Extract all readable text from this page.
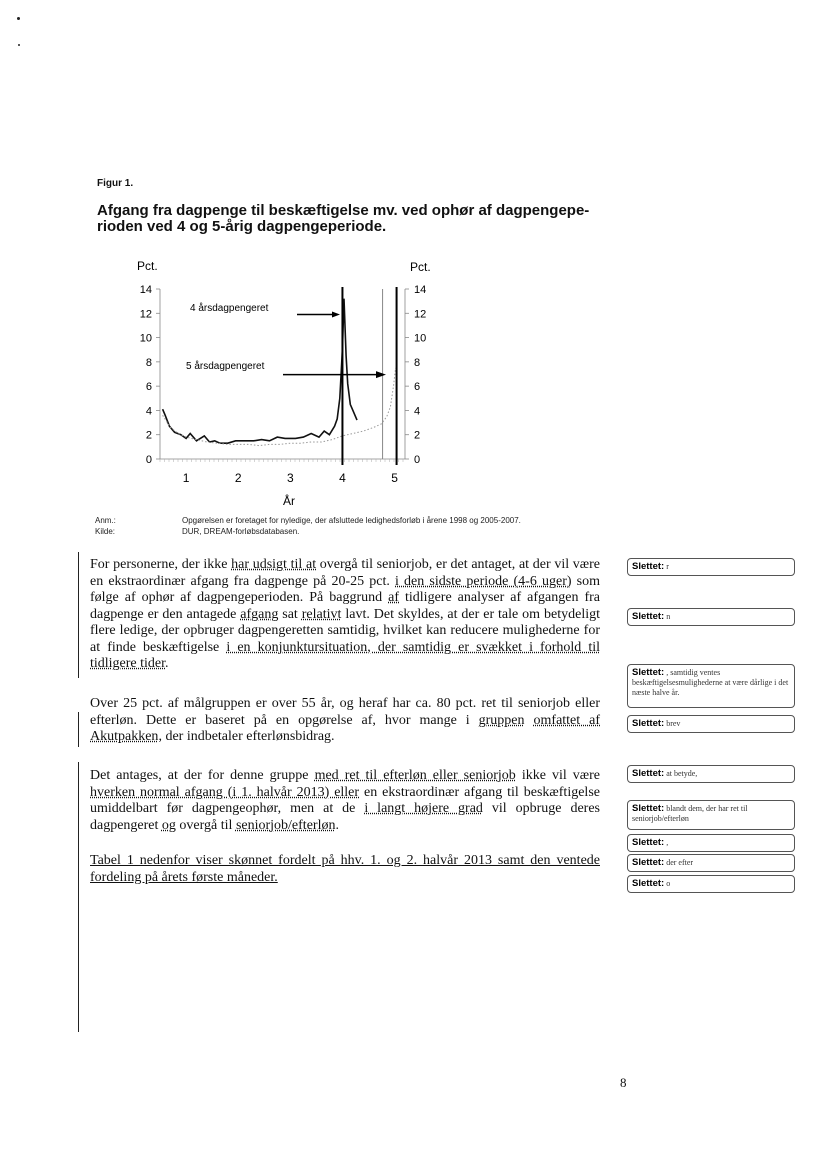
Figur 1.
Afgang fra dagpenge til beskæftigelse mv. ved ophør af dagpengepe-rioden ved 4 og 5-årig dagpengeperiode.
Pct.	Pct.
År
4 årsdagpengeret
5 årsdagpengeret
0	0
2	2
4	4
6	6
8	8
10	10
12	12
14	14
1	2	3	4	5
Anm.:	Opgørelsen er foretaget for nyledige, der afsluttede ledighedsforløb i årene 1998 og 2005-2007.
Kilde:	DUR, DREAM-forløbsdatabasen.

For personerne, der ikke har udsigt til at overgå til seniorjob, er det antaget, at der vil være en ekstraordinær afgang fra dagpenge på 20-25 pct. i den sidste periode (4-6 uger) som følge af ophør af dagpengeperioden. På baggrund af tidligere analyser af afgangen fra dagpenge er den antagede afgang sat relativt lavt. Det skyldes, at der er tale om betydeligt flere ledige, der opbruger dagpengeretten samtidig, hvilket kan reducere mulighederne for at finde beskæftigelse i en konjunktursituation, der samtidig er svækket i forhold til tidligere tider.

Over 25 pct. af målgruppen er over 55 år, og heraf har ca. 80 pct. ret til seniorjob eller efterløn. Dette er baseret på en opgørelse af, hvor mange i gruppen omfattet af Akutpakken, der indbetaler efterlønsbidrag.

Det antages, at der for denne gruppe med ret til efterløn eller seniorjob ikke vil være hverken normal afgang (i 1. halvår 2013) eller en ekstraordinær afgang til beskæftigelse umiddelbart før dagpengeophør, men at de i langt højere grad vil opbruge deres dagpengeret og overgå til seniorjob/efterløn.

Tabel 1 nedenfor viser skønnet fordelt på hhv. 1. og 2. halvår 2013 samt den ventede fordeling på årets første måneder.

Slettet: r
Slettet: n
Slettet: , samtidig ventes beskæftigelsesmulighederne at være dårlige i det næste halve år.
Slettet: brev
Slettet: at betyde,
Slettet: blandt dem, der har ret til seniorjob/efterløn
Slettet: ,
Slettet: der efter
Slettet: o
8
